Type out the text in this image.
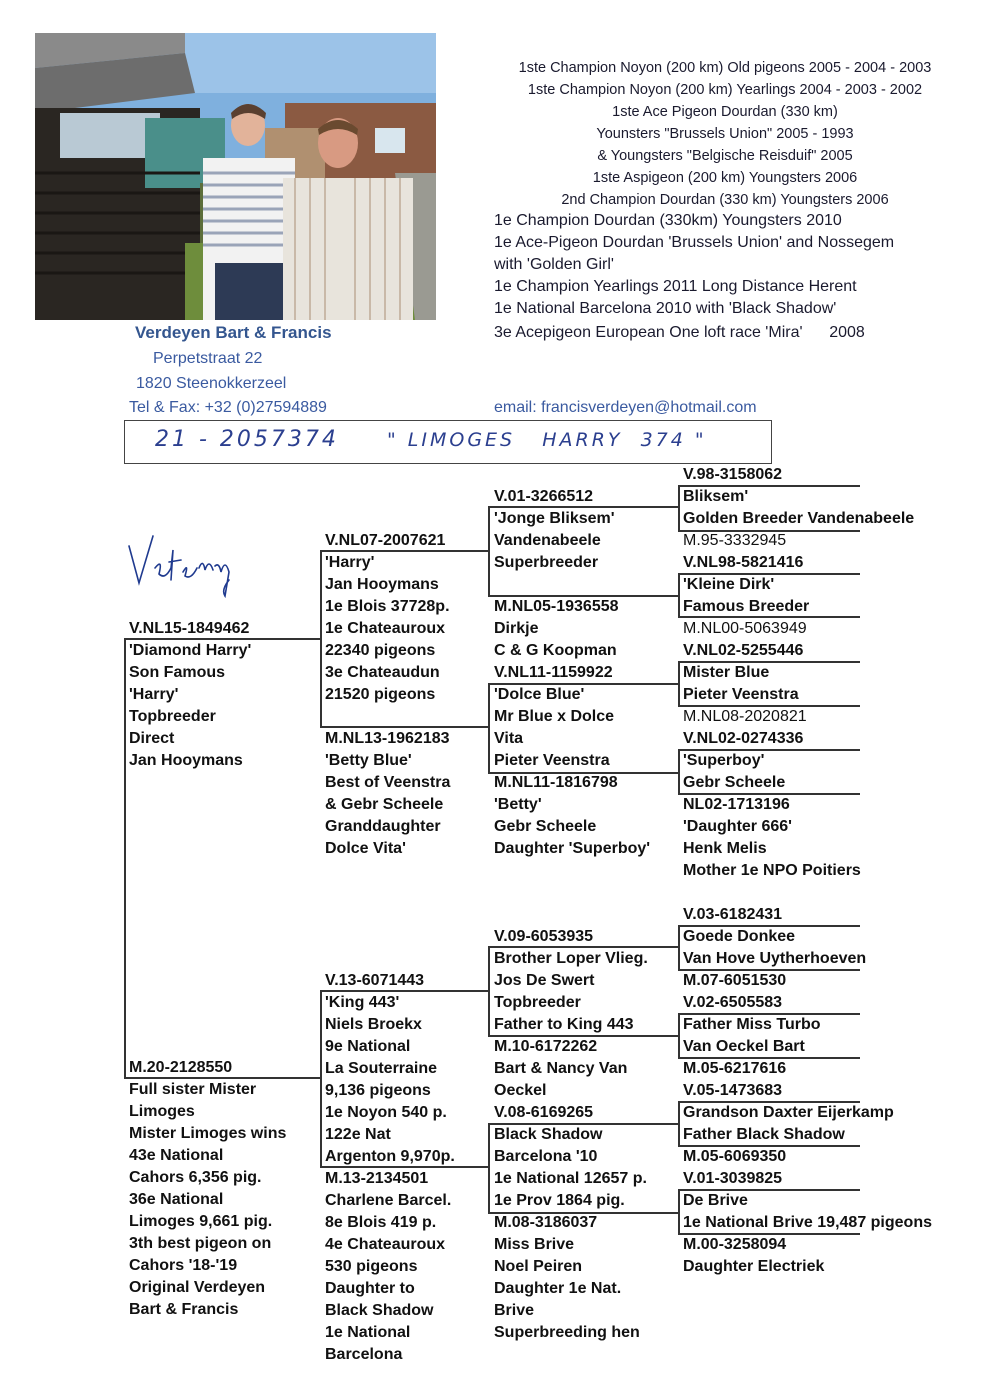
1ste Champion Noyon (200 km) Old pigeons 2005 - 2004 - 2003
1ste Champion Noyon (200 km) Yearlings 2004 - 2003 - 2002
1ste Ace Pigeon Dourdan (330 km)
Younsters "Brussels Union" 2005 - 1993
& Youngsters "Belgische Reisduif" 2005
1ste Aspigeon (200 km) Youngsters 2006
2nd Champion Dourdan (330 km) Youngsters 2006
1e Champion Dourdan (330km) Youngsters 2010
1e Ace-Pigeon Dourdan 'Brussels Union' and Nossegem
with 'Golden Girl'
1e Champion Yearlings 2011 Long Distance Herent
1e National Barcelona 2010 with 'Black Shadow'
3e Acepigeon European One loft race 'Mira'      2008
Verdeyen Bart & Francis
Perpetstraat 22
1820 Steenokkerzeel
Tel & Fax: +32 (0)27594889	email: francisverdeyen@hotmail.com
21 - 2057374	" LIMOGES   HARRY  374 "
V.NL15-1849462
'Diamond Harry'
Son Famous
'Harry'
Topbreeder
Direct
Jan Hooymans
M.20-2128550
Full sister Mister
Limoges
Mister Limoges wins
43e National
Cahors 6,356 pig.
36e National
Limoges 9,661 pig.
3th best pigeon on
Cahors '18-'19
Original Verdeyen
Bart & Francis
V.NL07-2007621
'Harry'
Jan Hooymans
1e Blois 37728p.
1e Chateauroux
22340 pigeons
3e Chateaudun
21520 pigeons
M.NL13-1962183
'Betty Blue'
Best of Veenstra
& Gebr Scheele
Granddaughter
Dolce Vita'
V.13-6071443
'King 443'
Niels Broekx
9e National
La Souterraine
9,136 pigeons
1e Noyon 540 p.
122e Nat
Argenton 9,970p.
M.13-2134501
Charlene Barcel.
8e Blois 419 p.
4e Chateauroux
530 pigeons
Daughter to
Black Shadow
1e National
Barcelona
V.01-3266512
'Jonge Bliksem'
Vandenabeele
Superbreeder
M.NL05-1936558
Dirkje
C & G Koopman
V.NL11-1159922
'Dolce Blue'
Mr Blue x Dolce
Vita
Pieter Veenstra
M.NL11-1816798
'Betty'
Gebr Scheele
Daughter 'Superboy'
V.09-6053935
Brother Loper Vlieg.
Jos De Swert
Topbreeder
Father to King 443
M.10-6172262
Bart & Nancy Van
Oeckel
V.08-6169265
Black Shadow
Barcelona '10
1e National 12657 p.
1e Prov 1864 pig.
M.08-3186037
Miss Brive
Noel Peiren
Daughter 1e Nat.
Brive
Superbreeding hen
V.98-3158062
Bliksem'
Golden Breeder Vandenabeele
M.95-3332945
V.NL98-5821416
'Kleine Dirk'
Famous Breeder
M.NL00-5063949
V.NL02-5255446
Mister Blue
Pieter Veenstra
M.NL08-2020821
V.NL02-0274336
'Superboy'
Gebr Scheele
NL02-1713196
'Daughter 666'
Henk Melis
Mother 1e NPO Poitiers
V.03-6182431
Goede Donkee
Van Hove Uytherhoeven
M.07-6051530
V.02-6505583
Father Miss Turbo
Van Oeckel Bart
M.05-6217616
V.05-1473683
Grandson Daxter Eijerkamp
Father Black Shadow
M.05-6069350
V.01-3039825
De Brive
1e National Brive 19,487 pigeons
M.00-3258094
Daughter Electriek
